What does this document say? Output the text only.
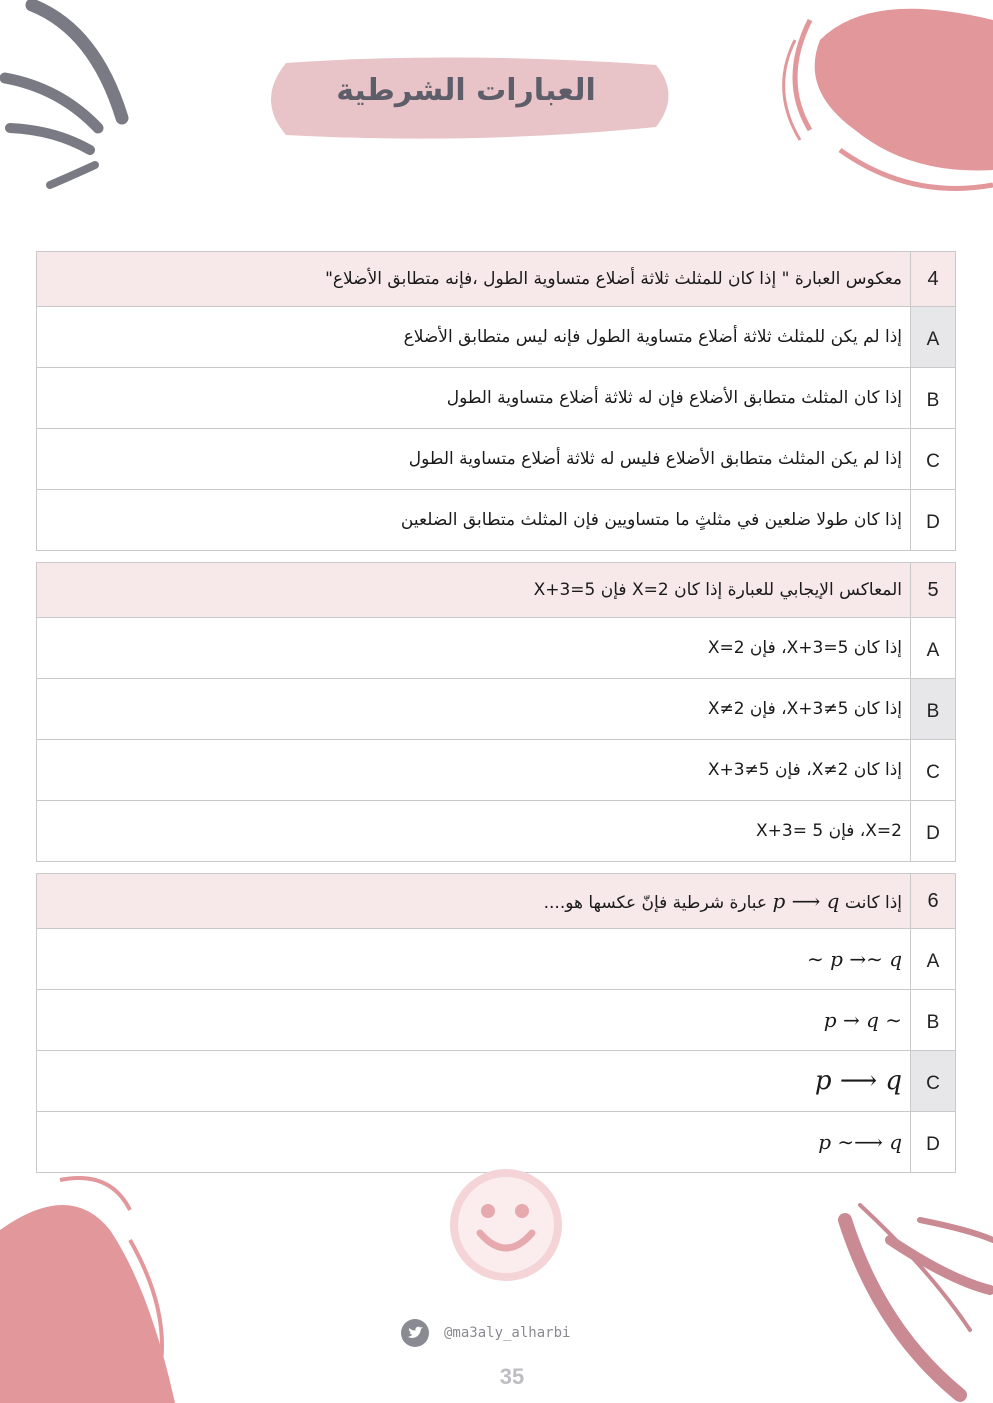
العبارات الشرطية
معكوس العبارة " إذا كان للمثلث ثلاثة أضلاع متساوية الطول ،فإنه متطابق الأضلاع"	4
إذا لم يكن للمثلث ثلاثة أضلاع متساوية الطول فإنه ليس متطابق الأضلاع	A
إذا كان المثلث متطابق الأضلاع فإن له ثلاثة أضلاع متساوية الطول	B
إذا لم يكن المثلث متطابق الأضلاع فليس له ثلاثة أضلاع متساوية الطول	C
إذا كان طولا ضلعين في مثلثٍ ما متساويين فإن المثلث متطابق الضلعين	D
المعاكس الإيجابي للعبارة إذا كان X=2 فإن X+3=5	5
إذا كان X+3=5، فإن X=2	A
إذا كان X+3≠5، فإن X≠2	B
إذا كان X≠2، فإن X+3≠5	C
X=2، فإن X+3= 5	D
إذا كانت p ⟶ q عبارة شرطية فإنّ عكسها هو....	6
∼ p →∼ q	A
p → q ∼	B
p ⟶ q	C
p ∼⟶ q	D
@ma3aly_alharbi
35
